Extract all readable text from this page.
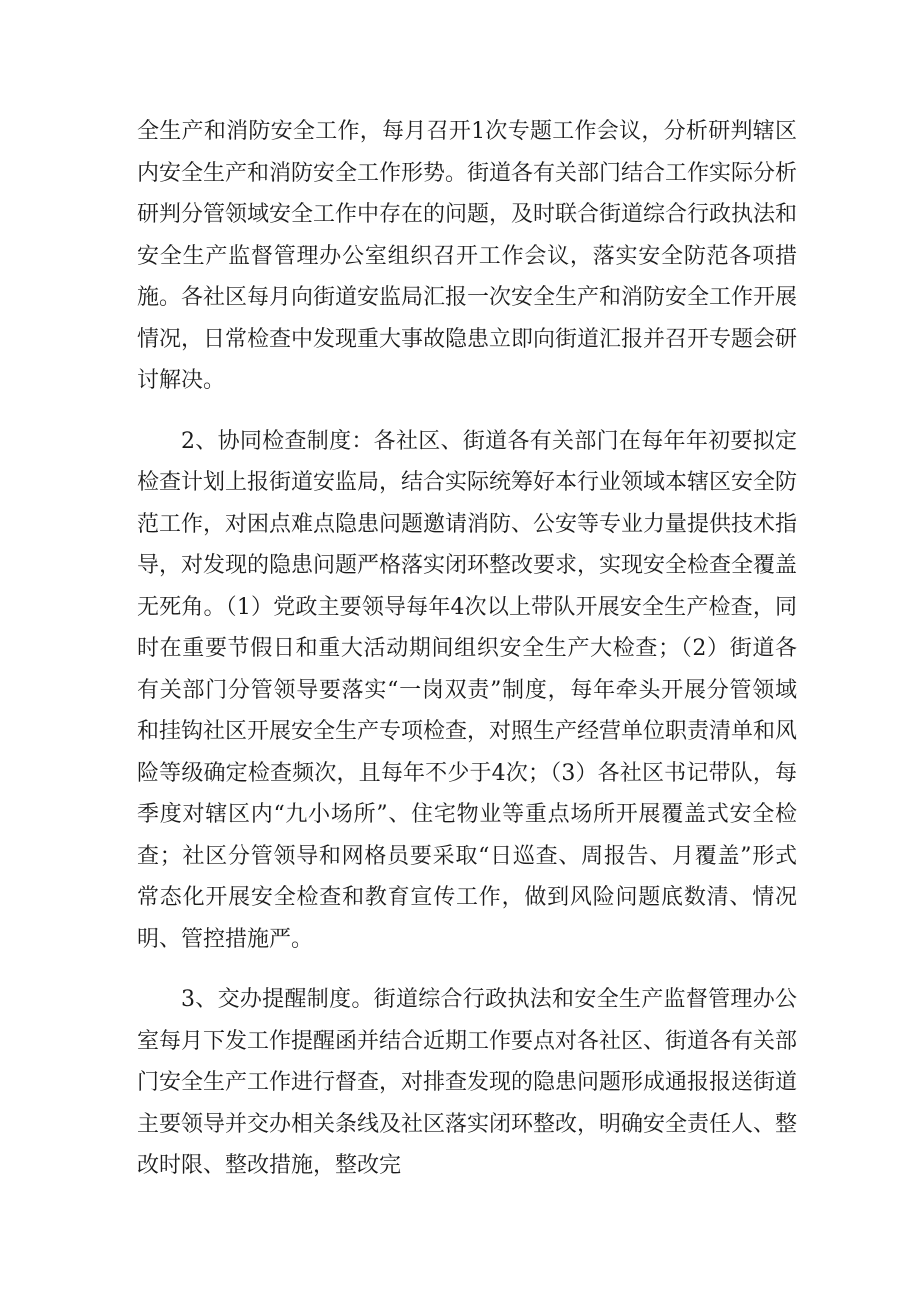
全生产和消防安全工作，每月召开1次专题工作会议，分析研判辖区内安全生产和消防安全工作形势。街道各有关部门结合工作实际分析研判分管领域安全工作中存在的问题，及时联合街道综合行政执法和安全生产监督管理办公室组织召开工作会议，落实安全防范各项措施。各社区每月向街道安监局汇报一次安全生产和消防安全工作开展情况，日常检查中发现重大事故隐患立即向街道汇报并召开专题会研讨解决。

2、协同检查制度：各社区、街道各有关部门在每年年初要拟定检查计划上报街道安监局，结合实际统筹好本行业领域本辖区安全防范工作，对困点难点隐患问题邀请消防、公安等专业力量提供技术指导，对发现的隐患问题严格落实闭环整改要求，实现安全检查全覆盖无死角。（1）党政主要领导每年4次以上带队开展安全生产检查，同时在重要节假日和重大活动期间组织安全生产大检查；（2）街道各有关部门分管领导要落实“一岗双责”制度，每年牵头开展分管领域和挂钩社区开展安全生产专项检查，对照生产经营单位职责清单和风险等级确定检查频次，且每年不少于4次；（3）各社区书记带队，每季度对辖区内“九小场所”、住宅物业等重点场所开展覆盖式安全检查；社区分管领导和网格员要采取“日巡查、周报告、月覆盖”形式常态化开展安全检查和教育宣传工作，做到风险问题底数清、情况明、管控措施严。

3、交办提醒制度。街道综合行政执法和安全生产监督管理办公室每月下发工作提醒函并结合近期工作要点对各社区、街道各有关部门安全生产工作进行督查，对排查发现的隐患问题形成通报报送街道主要领导并交办相关条线及社区落实闭环整改，明确安全责任人、整改时限、整改措施，整改完
